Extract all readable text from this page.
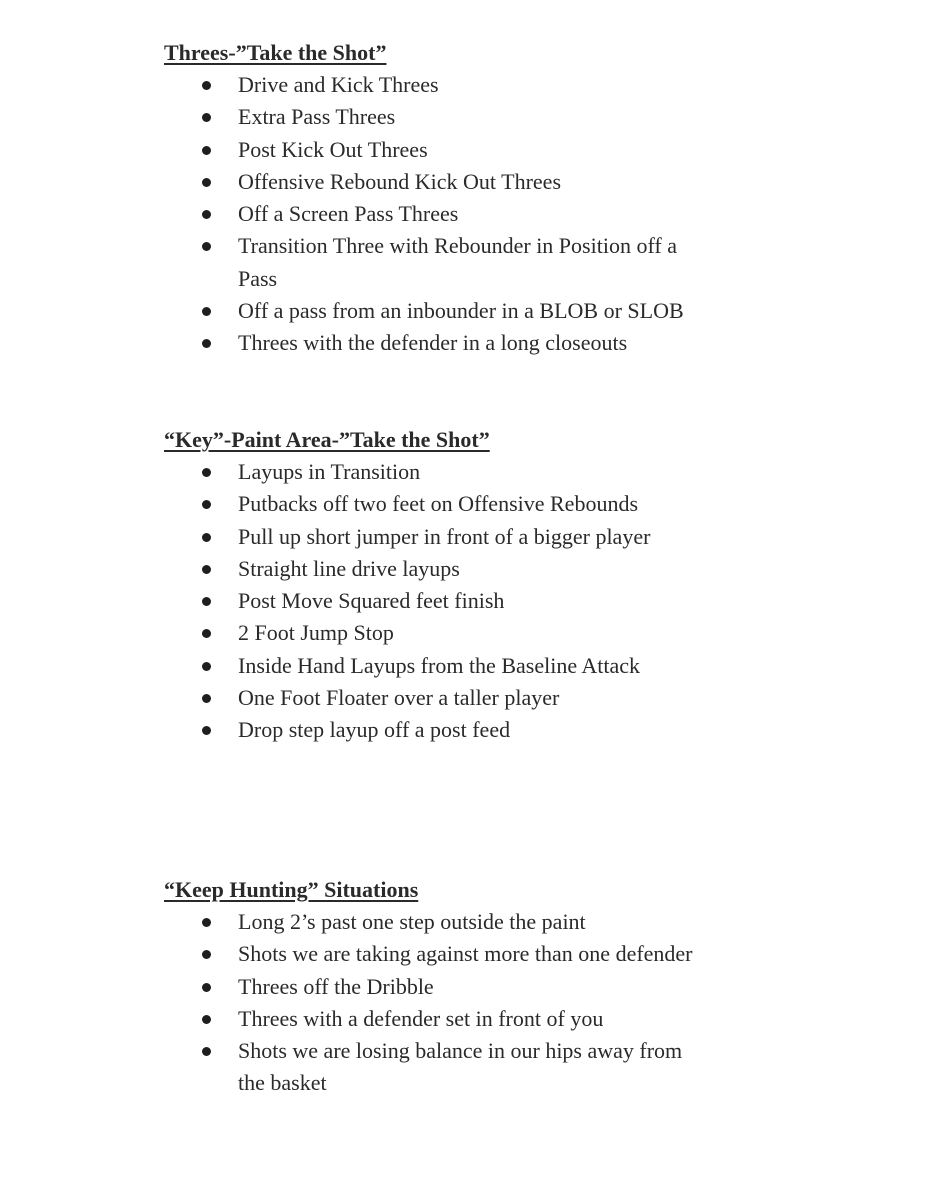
Threes-”Take the Shot”
Drive and Kick Threes
Extra Pass Threes
Post Kick Out Threes
Offensive Rebound Kick Out Threes
Off a Screen Pass Threes
Transition Three with Rebounder in Position off a Pass
Off a pass from an inbounder in a BLOB or SLOB
Threes with the defender in a long closeouts
“Key”-Paint Area-”Take the Shot”
Layups in Transition
Putbacks off two feet on Offensive Rebounds
Pull up short jumper in front of a bigger player
Straight line drive layups
Post Move Squared feet finish
2 Foot Jump Stop
Inside Hand Layups from the Baseline Attack
One Foot Floater over a taller player
Drop step layup off a post feed
“Keep Hunting” Situations
Long 2’s past one step outside the paint
Shots we are taking against more than one defender
Threes off the Dribble
Threes with a defender set in front of you
Shots we are losing balance in our hips away from the basket
